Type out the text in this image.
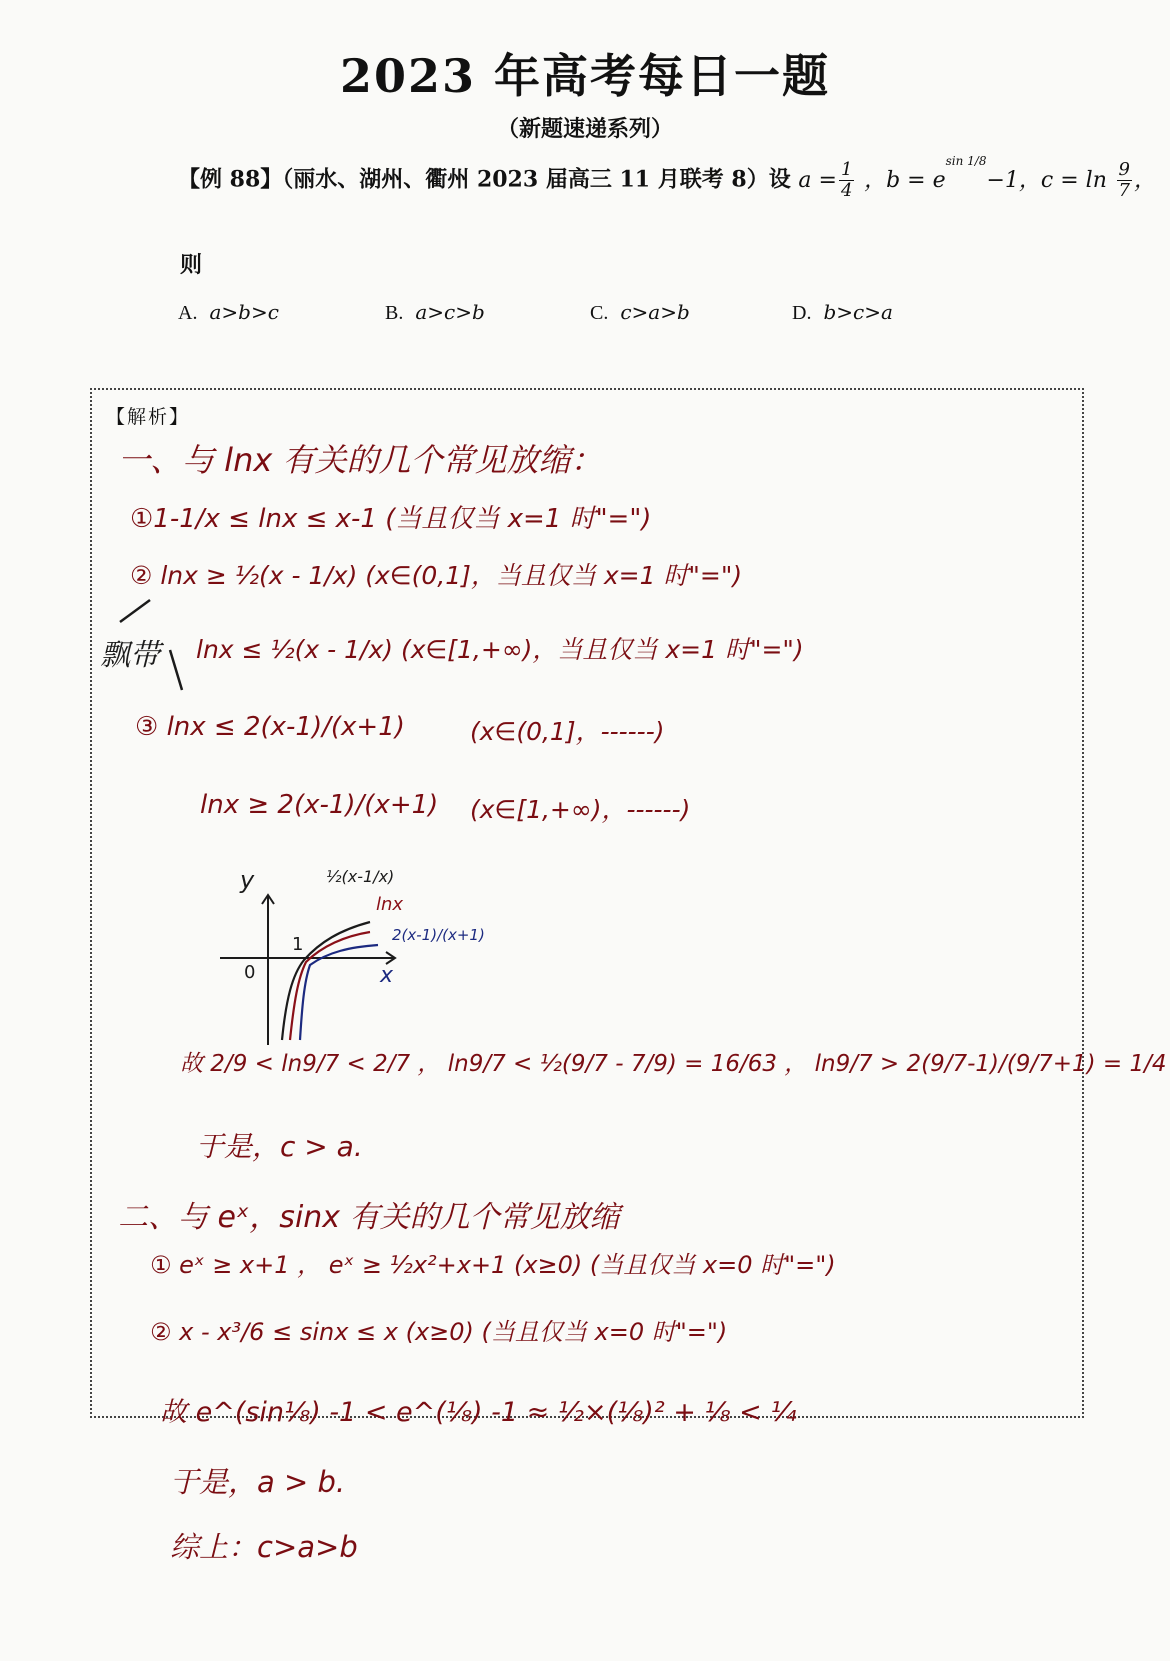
2023 年高考每日一题
（新题速递系列）
【例 88】（丽水、湖州、衢州 2023 届高三 11 月联考 8）设 $a = \frac{1}{4}$ ，$b = e^{sin 1/8}-1$，$c = \ln \frac{9}{7}$ ，
则
A. a>b>c	B. a>c>b	C. c>a>b	D. b>c>a
【解析】
一、与 lnx 有关的几个常见放缩：
①1-1/x ≤ lnx ≤ x-1 (当且仅当 x=1 时"=")
② lnx ≥ ½(x - 1/x) (x∈(0,1]，当且仅当 x=1 时"=")
飘带 lnx ≤ ½(x - 1/x) (x∈[1,+∞)，当且仅当 x=1 时"=")
③ lnx ≤ 2(x-1)/(x+1)	(x∈(0,1]，------)
lnx ≥ 2(x-1)/(x+1) (x∈[1,+∞)，------)
y
x
0
1
½(x-1/x)
lnx
2(x-1)/(x+1)
故 2/9 < ln9/7 < 2/7 ， ln9/7 < ½(9/7 - 7/9) = 16/63 ， ln9/7 > 2(9/7-1)/(9/7+1) = 1/4
于是，c > a.
二、与 eˣ，sinx 有关的几个常见放缩
① eˣ ≥ x+1 ， eˣ ≥ ½x²+x+1 (x≥0) (当且仅当 x=0 时"=")
② x - x³/6 ≤ sinx ≤ x (x≥0) (当且仅当 x=0 时"=")
故 e^(sin⅛) -1 < e^(⅛) -1 ≈ ½×(⅛)² + ⅛ < ¼
于是，a > b.
综上：c>a>b
